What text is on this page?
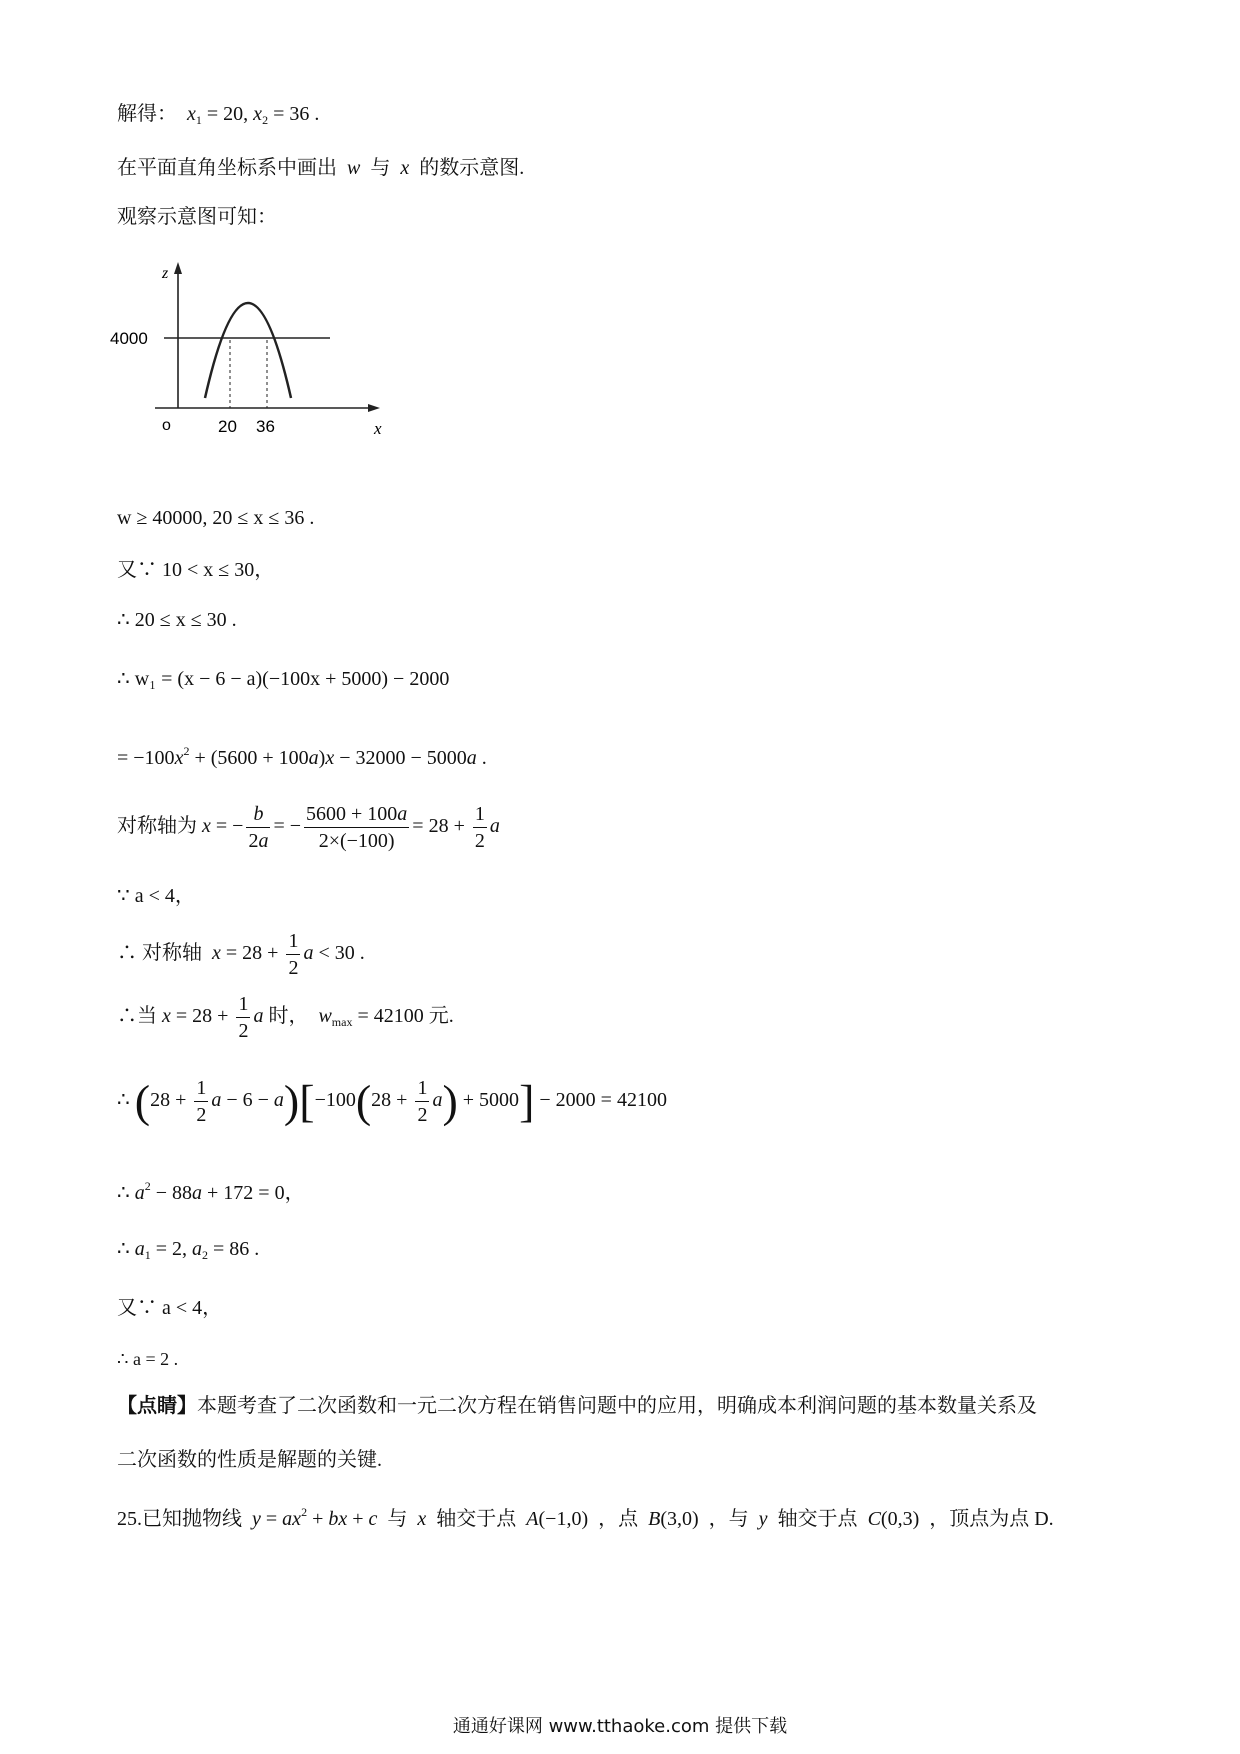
解得： $x_1 = 20$, $x_2 = 36$ .
在平面直角坐标系中画出  w  与  x  的数示意图.
观察示意图可知：
z
x
o
4000
20 36
w ≥ 40000, 20 ≤ x ≤ 36 .
又∵ 10 < x ≤ 30，
∴ 20 ≤ x ≤ 30 .
∴ w₁ = (x − 6 − a)(−100x + 5000) − 2000
= $-100x^2 + (5600 + 100a)x - 32000 - 5000a$ .
对称轴为 x = − $\frac{b}{2a}$ = − $\frac{5600 + 100a}{2\times(-100)} = 28 + \frac{1}{2}$ a
∵ a < 4，
∴ 对称轴 $x = 28 + \frac{1}{2}$ a < 30 .
∴当 $x = 28 + \frac{1}{2}$ a 时， $w_{max} = 42100$ 元.
∴ ($28 + \frac{1}{2}$ $a - 6 - a)[-100(28 + \frac{1}{2} a) + 5000] - 2000 = 42100$
∴ $a^2 - 88a + 172 = 0$，
∴ $a_1 = 2$, $a_2 = 86$ .
又∵ a < 4，
∴ a = 2 .
【点睛】本题考查了二次函数和一元二次方程在销售问题中的应用，明确成本利润问题的基本数量关系及
二次函数的性质是解题的关键.
25.已知抛物线 $y = ax^2$ + bx + c 与  x  轴交于点 A(−1,0)  ，点 B(3,0)  ，与  y  轴交于点 C(0,3)  ，顶点为点 D.
通通好课网 www.tthaoke.com 提供下载
